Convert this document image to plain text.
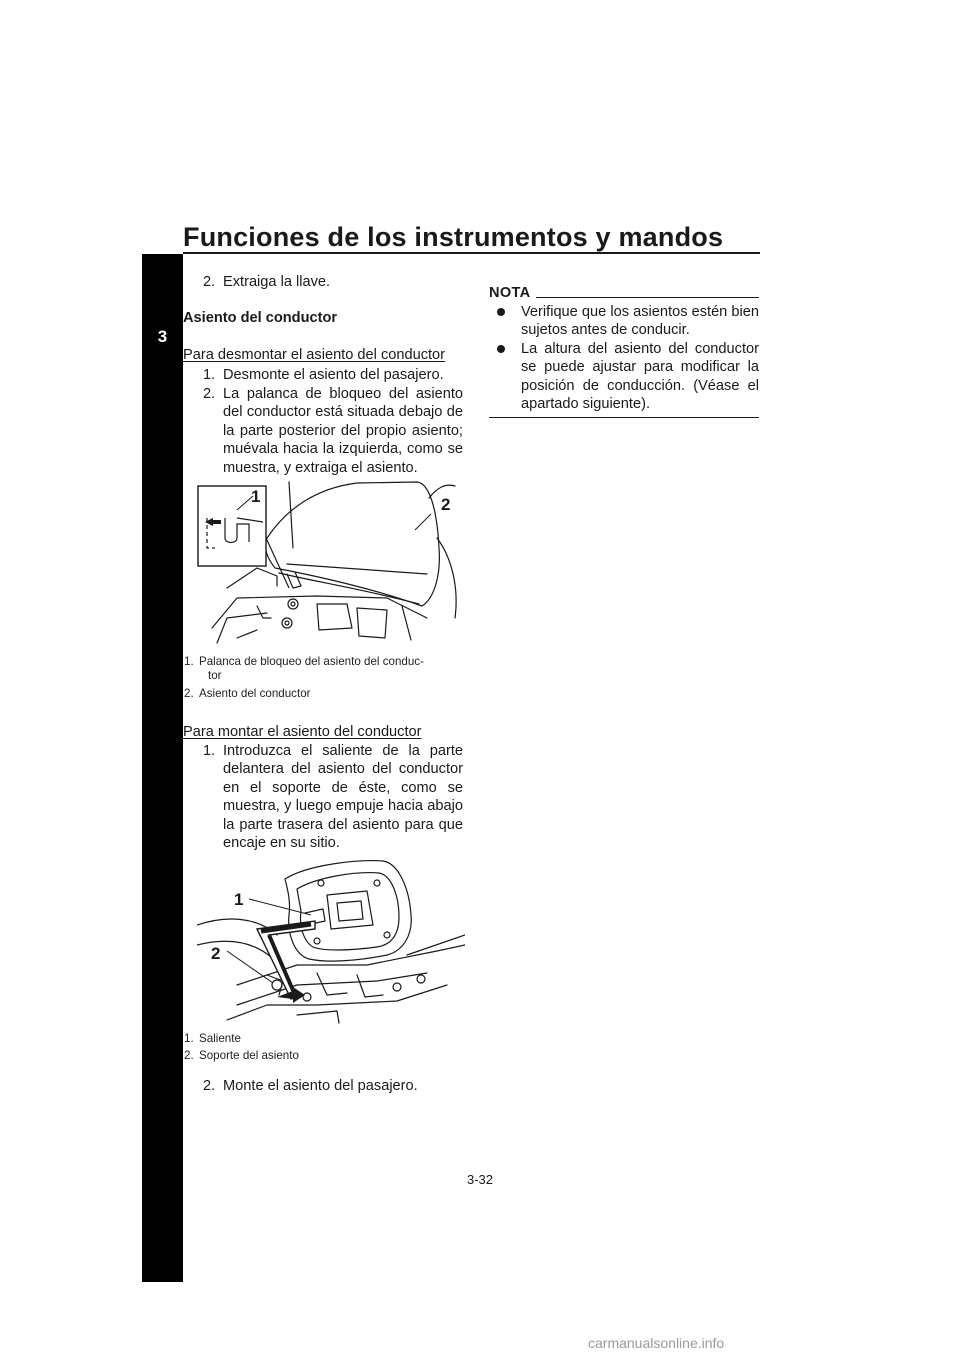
Funciones de los instrumentos y mandos
3
2. Extraiga la llave.
Asiento del conductor
Para desmontar el asiento del conductor
1. Desmonte el asiento del pasajero.
2. La palanca de bloqueo del asiento del conductor está situada debajo de la parte posterior del propio asiento; muévala hacia la izquierda, como se muestra, y extraiga el asiento.
1	2
1. Palanca de bloqueo del asiento del conduc-
tor
2. Asiento del conductor
Para montar el asiento del conductor
1. Introduzca el saliente de la parte delantera del asiento del conductor en el soporte de éste, como se muestra, y luego empuje hacia abajo la parte trasera del asiento para que encaje en su sitio.
1
2
1. Saliente
2. Soporte del asiento
2. Monte el asiento del pasajero.
NOTA
Verifique que los asientos estén bien sujetos antes de conducir.
La altura del asiento del conductor se puede ajustar para modificar la posición de conducción. (Véase el apartado siguiente).
3-32
carmanualsonline.info
